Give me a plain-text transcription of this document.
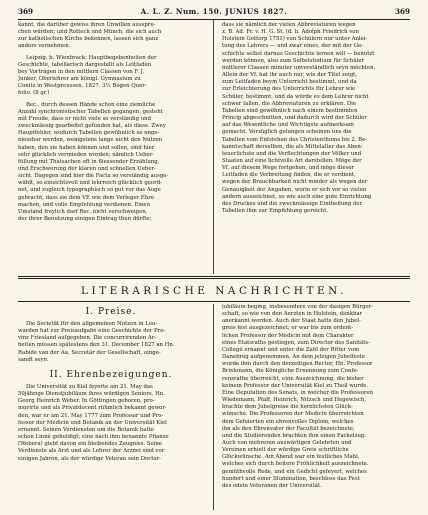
369	A. L. Z. Num. 150. JUNIUS 1827.	369

kannt, die darüber gewiss ihren Unwillen ausspre-

chen würden; und Rotteck und Münch, die sich auch

zur katholischen Kirche bekennen, lassen sich ganz

anders vernehmen.

Leipzig, b. Wienbrack: Hauptbegebenheiten der

Geschichte, tabellarisch dargestellt als Leitfaden

bey Vorträgen in den mittlern Classen von F. J.

Junker, Oberlehrer am königl. Gymnasium zu

Conitz in Westpreussen. 1827. 3½ Bogen Quer-

folio. (8 gr.)

Rec., durch dessen Hände schon eine ziemliche

Anzahl synchronistischer Tabellen gegangen, gesteht

mit Freude, dass er nicht viele so verständig und

zweckmässig gearbeitet gefunden hat, als diese. Zwey

Hauptfehler, wodurch Tabellen gewöhnlich so unge-

niessbar werden, wenigstens lange nicht den Nutzen

haben, den sie haben können und sollen, sind hier

sehr glücklich vermieden worden; nämlich Ueber-

füllung mit Thatsachen oft in fliessender Erzählung,

und Erschwerung der klaren und schnellen Ueber-

sicht. Dagegen sind hier die Facta so verständig ausge-

wählt, so einsichtsvoll und lehrreich glücklich geord-

net, und zugleich typographisch so gut vor das Auge

gebracht, dass sie dem VE wie dem Verleger Ehre

machen, und volle Empfehlung verdienen. Einen

Umstand freylich darf Rec. nicht verschweigen,

der ihrer Benutzung einigen Eintrag thun dürfte;

dass sie nämlich der vielen Abbreviaturen wegen

z. B. Ad. Fr. v. H. G. St. (d. h. Adolph Friedrich von

Holstein Gottorp 1751) von Schülern nur unter Anlei-

tung des Lehrers — und zwar eines, der mit der Ge-

schichte selbst darnus Geschichte lernen will — benutzt

werden können, also zum Selbststudium für Schüler

mittlerer Classen minuter unverständlich seyn möchten.

Allein der Vf. hat ihr auch nur, wie der Titel zeigt,

zum Leitfaden beym Unterricht bestimmt, und da

zur Erleichterung des Unterrichts für Lehrer wie

Schüler, bestimmt, und da würde es dem Lehrer nicht

schwer fallen, die Abbreviaturen zu erklären. Die

Tabellen sind gewöhnlich nach einem bestimmten

Princip abgeschnitten, und dadurch wird der Schüler

auf das Wesentliche und Wichtigste aufmerksam

gemacht. Vorzüglich gelungen scheinen uns die

Tabellen vom Entstehen des Christenthums bis 2. Be-

kanntschaft derselben, die als Mittelalter das Aben-

teuerlichste und die Verflechtungen der Völker und

Staaten auf eine lichtvolle Art darstellen. Möge der

Vf. auf diesem Wege fortgehen, und möge dieser

Leitfaden die Verbreitung finden, die er verdient,

wegen der Brauchbarkeit nicht minder als wegen der

Genauigkeit der Angaben, worin er sich vor so vielen

andern auszeichnet, so wie auch eine gute Einrichtung

des Druckes und die zweckmässige Eintheilung der

Tabellen ihm zur Empfehlung gereicht.

LITERARISCHE NACHRICHTEN.
I. Preise.

Die Societät für den allgemeinen Nutzen in Leu-

warden hat zur Preisaufgabe eine Geschichte der Pro-

vinz Friesland aufgegeben. Die concurrirenden Ar-

beiten müssen spätestens den 31. December 1827 an Hn.

Rabide van der Aa, Secretär der Gesellschaft, einge-

sandt seyn.

II. Ehrenbezeigungen.

Die Universität zu Kiel feyerte am 21. May das

50jährige Dienstjubiläum ihres würdigen Seniors, Hn.

Georg Heinrich Weber. In Göttingen geboren, pro-

movirte und als Privatdocent rühmlich bekannt gewor-

den, war er am 21. May 1777 zum Professor und Pro-

fessor der Medicin und Botanik an der Universität Kiel

ernannt. Seinen Verdiensten um die Botanik hatte

schon Linné gehuldigt; eine nach ihm benannte Pflanze

(Webera) giebt davon ein bleibendes Zeugniss. Seine

Verdienste als Arzt und als Lehrer der Arznei sind vor

einigen Jahren, als der würdige Veteran sein Doctor-

jubiläum beging, insbesondere von der dasigen Bürger-

schaft, so wie von den Aerzten in Holstein, dankbar

anerkannt worden. Auch der Staat hatte den Jubel-

greis fest ausgezeichnet; er war bis zum ordent-

lichen Professor der Medicin mit dem Charakter

eines Etatsraths gestiegen, zum Director des Sanitäts-

Collegii ernannt und unter die Zahl der Ritter vom

Danebrog aufgenommen. An dem jetzigen Jubelfeste

wurde ihm durch den derzeitigen Rector, Hn. Professor

Brinkmann, die Königliche Ernennung zum Confe-

renzrathe überreicht, eine Auszeichnung, die bisher

keinem Professor der Universität Kiel zu Theil wurde.

Eine Deputation des Senats, in welcher die Professoren

Wiedemann, Pfaff, Heinrich, Nitzsch und Hegewisch,

brachte dem Jubelgreise die herzlichsten Glück-

wünsche. Die Professoren der Medicin überreichten

dem Gefeierten ein ehrenvolles Diplom, welches

ihn als den Ehrenvater der Facultät bezeichnete,

und die Studierenden brachten ihm einen Fackelzug.

Auch von mehreren auswärtigen Gelehrten und

Vereinen erhielt der würdige Greis schriftliche

Glückwünsche. Am Abend war ein festliches Mahl,

welches sich durch heitere Fröhlichkeit auszeichnete.

gemüthvolle Rede, und ein Gedicht gefeyert, welches

hundert und einer Illumination, beschloss das Fest

des edeln Veteranen der Universität.
